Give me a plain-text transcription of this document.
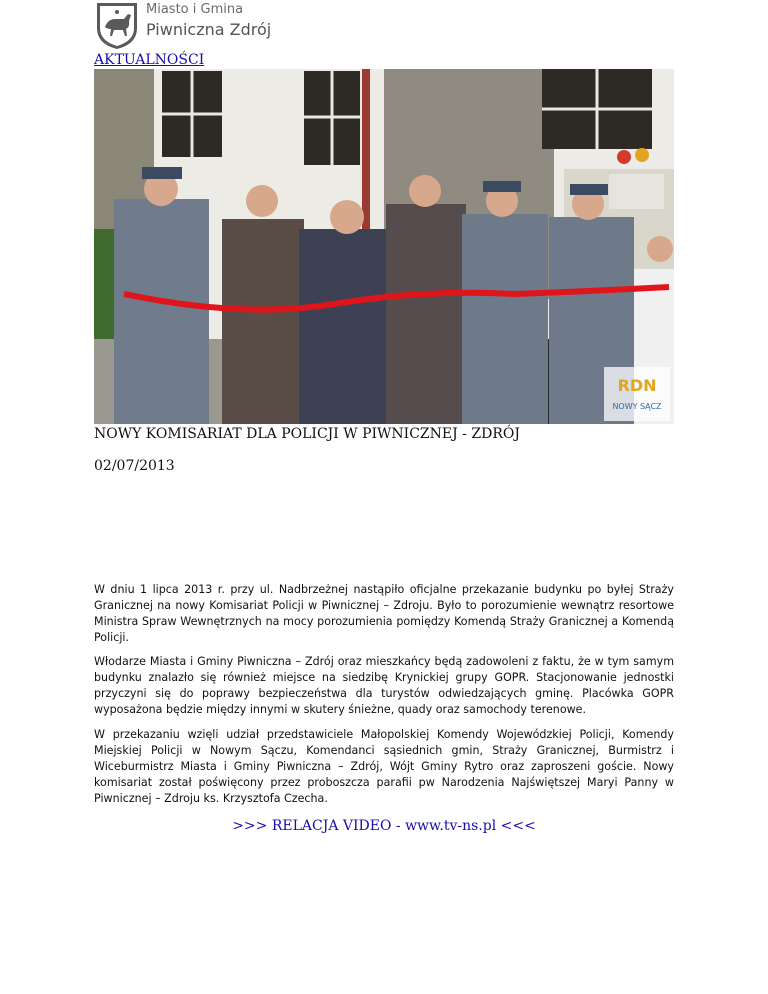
Miasto i Gmina
Piwniczna Zdrój
AKTUALNOŚCI
RDN
NOWY SĄCZ
NOWY KOMISARIAT DLA POLICJI W PIWNICZNEJ - ZDRÓJ
02/07/2013

W dniu 1 lipca 2013 r. przy ul. Nadbrzeżnej nastąpiło oficjalne przekazanie budynku po byłej Straży Granicznej na nowy Komisariat Policji w Piwnicznej – Zdroju. Było to porozumienie wewnątrz resortowe Ministra Spraw Wewnętrznych na mocy porozumienia pomiędzy Komendą Straży Granicznej a Komendą Policji.

Włodarze Miasta i Gminy Piwniczna – Zdrój oraz mieszkańcy będą zadowoleni z faktu, że w tym samym budynku znalazło się również miejsce na siedzibę Krynickiej grupy GOPR. Stacjonowanie jednostki przyczyni się do poprawy bezpieczeństwa dla turystów odwiedzających gminę. Placówka GOPR wyposażona będzie między innymi w skutery śnieżne, quady oraz samochody terenowe.

W przekazaniu wzięli udział przedstawiciele Małopolskiej Komendy Wojewódzkiej Policji, Komendy Miejskiej Policji w Nowym Sączu, Komendanci sąsiednich gmin, Straży Granicznej, Burmistrz i Wiceburmistrz Miasta i Gminy Piwniczna – Zdrój, Wójt Gminy Rytro oraz zaproszeni goście. Nowy komisariat został poświęcony przez proboszcza parafii pw Narodzenia Najświętszej Maryi Panny w Piwnicznej – Zdroju ks. Krzysztofa Czecha.

>>> RELACJA VIDEO - www.tv-ns.pl <<<
